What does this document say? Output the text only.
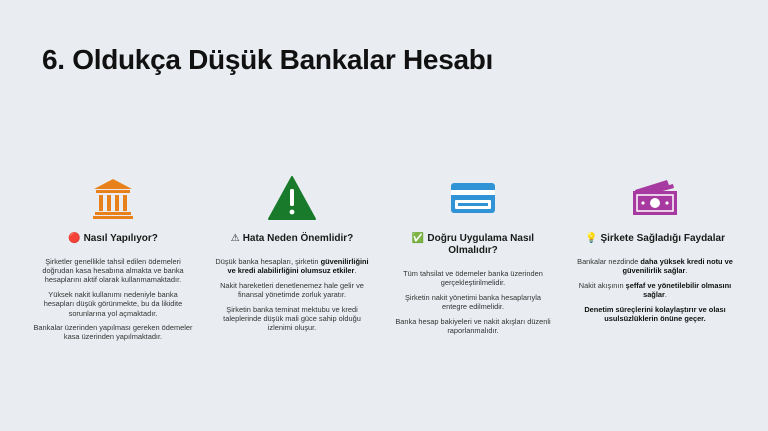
6. Oldukça Düşük Bankalar Hesabı
🔴 Nasıl Yapılıyor?

Şirketler genellikle tahsil edilen ödemeleri doğrudan kasa hesabına almakta ve banka hesaplarını aktif olarak kullanmamaktadır.

Yüksek nakit kullanımı nedeniyle banka hesapları düşük görünmekte, bu da likidite sorunlarına yol açmaktadır.

Bankalar üzerinden yapılması gereken ödemeler kasa üzerinden yapılmaktadır.

⚠ Hata Neden Önemlidir?

Düşük banka hesapları, şirketin güvenilirliğini ve kredi alabilirliğini olumsuz etkiler.

Nakit hareketleri denetlenemez hale gelir ve finansal yönetimde zorluk yaratır.

Şirketin banka teminat mektubu ve kredi taleplerinde düşük mali güce sahip olduğu izlenimi oluşur.

✅ Doğru Uygulama Nasıl Olmalıdır?

Tüm tahsilat ve ödemeler banka üzerinden gerçekleştirilmelidir.

Şirketin nakit yönetimi banka hesaplarıyla entegre edilmelidir.

Banka hesap bakiyeleri ve nakit akışları düzenli raporlanmalıdır.

💡 Şirkete Sağladığı Faydalar

Bankalar nezdinde daha yüksek kredi notu ve güvenilirlik sağlar.

Nakit akışının şeffaf ve yönetilebilir olmasını sağlar.

Denetim süreçlerini kolaylaştırır ve olası usulsüzlüklerin önüne geçer.
